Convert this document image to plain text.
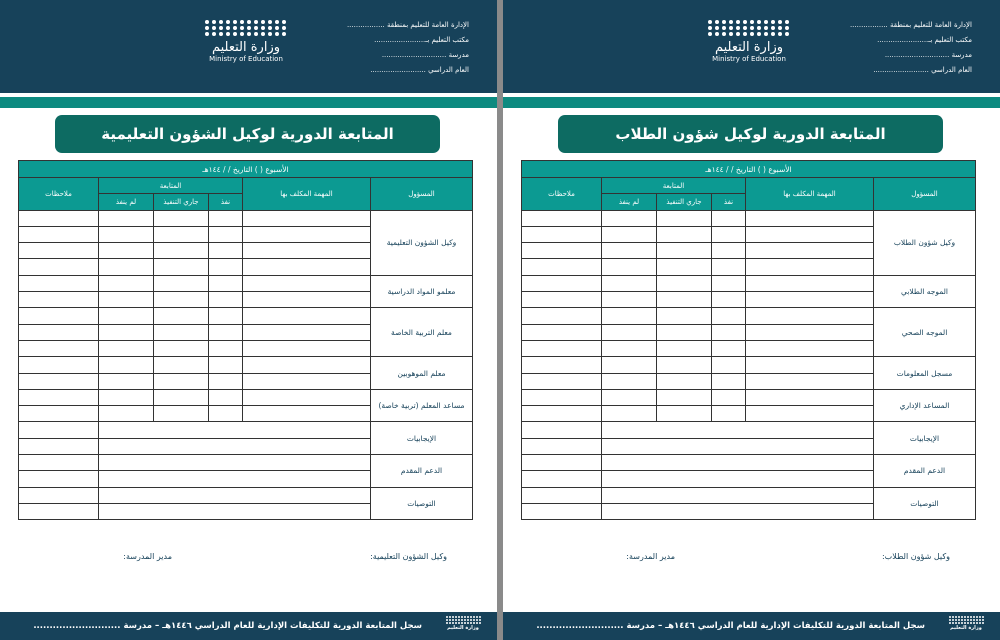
وزارة التعليم
Ministry of Education
الإدارة العامة للتعليم بمنطقة .................
مكتب التعليم بـ.......................
مدرسة .............................
العام الدراسي .........................
المتابعة الدورية لوكيل الشؤون التعليمية
الأسبوع ( ) التاريخ / / ١٤٤هـ					
المسؤول	المهمة المكلف بها	المتابعة			ملاحظات
		نفذ	جاري التنفيذ	لم ينفذ	
وكيل الشؤون التعليمية					

معلمو المواد الدراسية					

معلم التربية الخاصة					

معلم الموهوبين					

مساعد المعلم (تربية خاصة)					

الإيجابيات					

الدعم المقدم					

التوصيات					

وكيل الشؤون التعليمية:
مدير المدرسة:
سجل المتابعة الدورية للتكليفات الإدارية للعام الدراسي ١٤٤٦هـ – مدرسة ...........................	وزارة التعليم
وزارة التعليم
Ministry of Education
الإدارة العامة للتعليم بمنطقة .................
مكتب التعليم بـ.......................
مدرسة .............................
العام الدراسي .........................
المتابعة الدورية لوكيل شؤون الطلاب
الأسبوع ( ) التاريخ / / ١٤٤هـ					
المسؤول	المهمة المكلف بها	المتابعة			ملاحظات
		نفذ	جاري التنفيذ	لم ينفذ	
وكيل شؤون الطلاب					

الموجه الطلابي					

الموجه الصحي					

مسجل المعلومات					

المساعد الإداري					

الإيجابيات					

الدعم المقدم					

التوصيات					

وكيل شؤون الطلاب:
مدير المدرسة:
سجل المتابعة الدورية للتكليفات الإدارية للعام الدراسي ١٤٤٦هـ – مدرسة ...........................	وزارة التعليم
